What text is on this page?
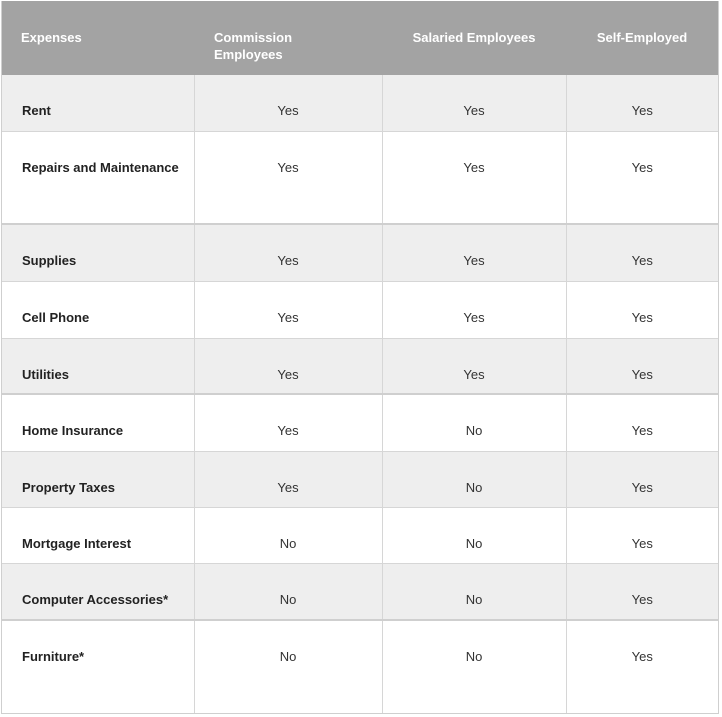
Expenses	Commission Employees	Salaried Employees	Self-Employed
Rent	Yes	Yes	Yes
Repairs and Maintenance	Yes	Yes	Yes
Supplies	Yes	Yes	Yes
Cell Phone	Yes	Yes	Yes
Utilities	Yes	Yes	Yes
Home Insurance	Yes	No	Yes
Property Taxes	Yes	No	Yes
Mortgage Interest	No	No	Yes
Computer Accessories*	No	No	Yes
Furniture*	No	No	Yes
